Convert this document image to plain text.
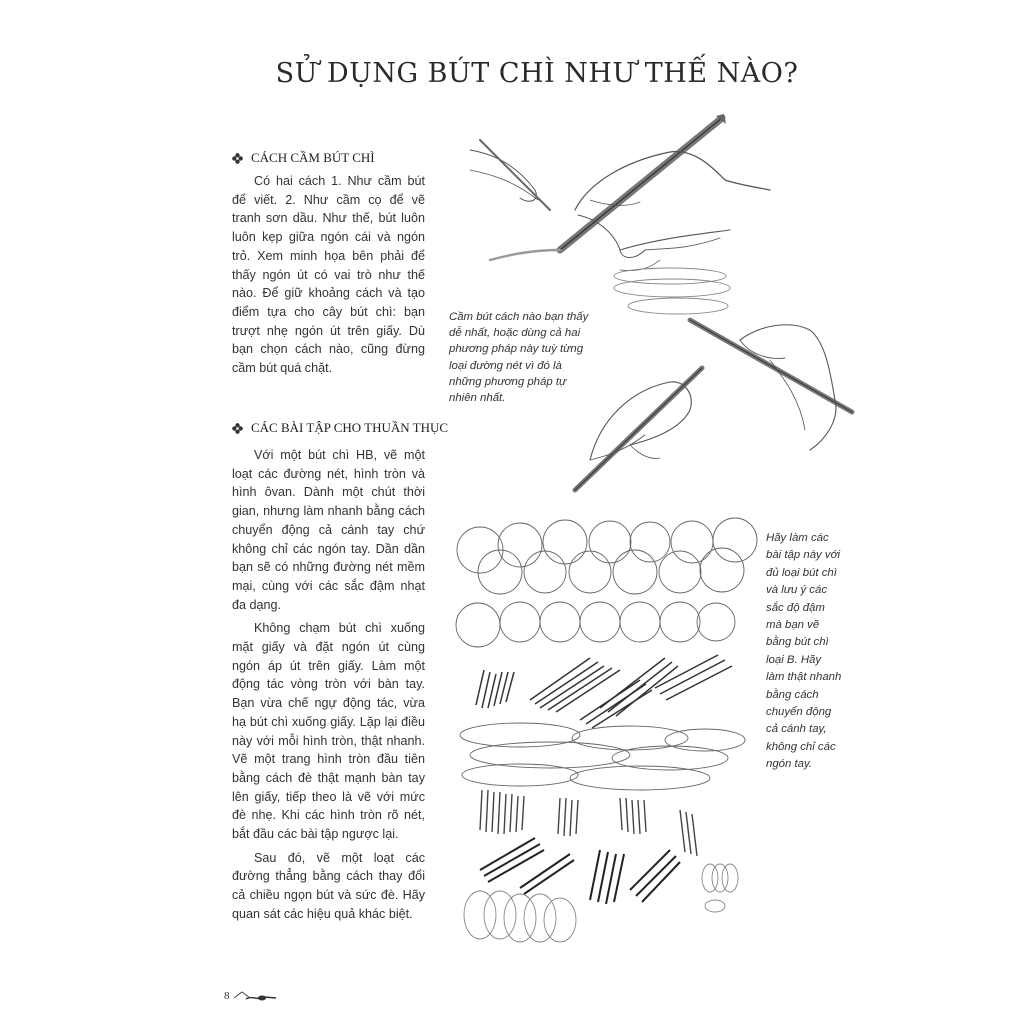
SỬ DỤNG BÚT CHÌ NHƯ THẾ NÀO?
CÁCH CẦM BÚT CHÌ

Có hai cách 1. Như cầm bút để viết. 2. Như cầm cọ để vẽ tranh sơn dầu. Như thế, bút luôn luôn kẹp giữa ngón cái và ngón trỏ. Xem minh họa bên phải để thấy ngón út có vai trò như thế nào. Để giữ khoảng cách và tạo điểm tựa cho cây bút chì: bạn trượt nhẹ ngón út trên giấy. Dù bạn chọn cách nào, cũng đừng cầm bút quá chặt.

CÁC BÀI TẬP CHO THUẦN THỤC

Với một bút chì HB, vẽ một loạt các đường nét, hình tròn và hình ôvan. Dành một chút thời gian, nhưng làm nhanh bằng cách chuyển động cả cánh tay chứ không chỉ các ngón tay. Dần dần bạn sẽ có những đường nét mềm mại, cùng với các sắc đậm nhạt đa dạng.

Không chạm bút chì xuống mặt giấy và đặt ngón út cùng ngón áp út trên giấy. Làm một động tác vòng tròn với bàn tay. Bạn vừa chế ngự động tác, vừa hạ bút chì xuống giấy. Lặp lại điều này với mỗi hình tròn, thật nhanh. Vẽ một trang hình tròn đầu tiên bằng cách đè thật mạnh bàn tay lên giấy, tiếp theo là vẽ với mức đè nhẹ. Khi các hình tròn rõ nét, bắt đầu các bài tập ngược lại.

Sau đó, vẽ một loạt các đường thẳng bằng cách thay đổi cả chiều ngọn bút và sức đè. Hãy quan sát các hiệu quả khác biệt.

Cầm bút cách nào bạn thấy dễ nhất, hoặc dùng cả hai phương pháp này tuỳ từng loại đường nét vì đó là những phương pháp tự nhiên nhất.
Hãy làm các bài tập này với đủ loại bút chì và lưu ý các sắc độ đậm mà bạn vẽ bằng bút chì loại B. Hãy làm thật nhanh bằng cách chuyển động cả cánh tay, không chỉ các ngón tay.
8
